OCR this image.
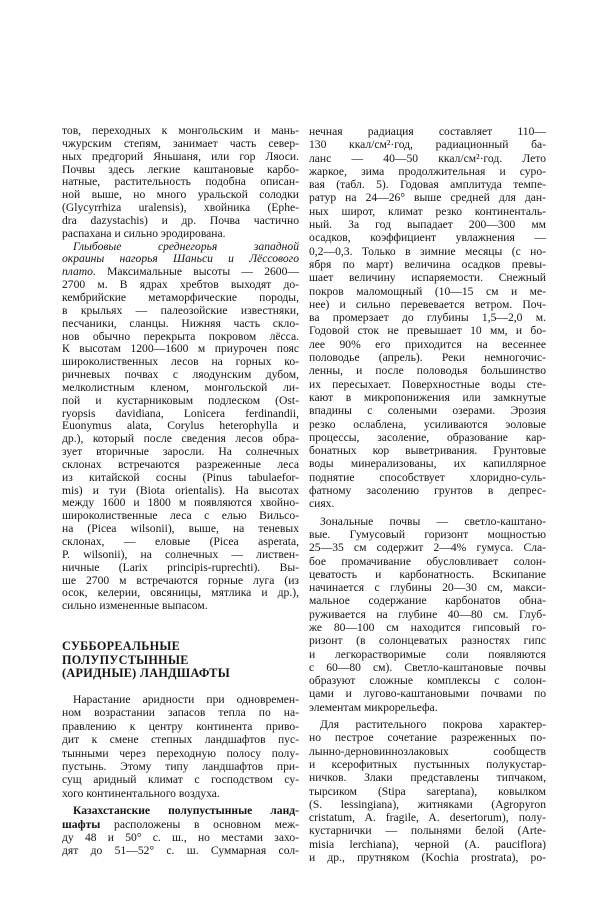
тов, переходных к монгольским и мань-
чжурским степям, занимает часть север-
ных предгорий Яньшаня, или гор Ляоси.
Почвы здесь легкие каштановые карбо-
натные, растительность подобна описан-
ной выше, но много уральской солодки
(Glycyrrhiza uralensis), хвойника (Ephe-
dra dazystachis) и др. Почва частично
распахана и сильно эродирована.
Глыбовые среднегорья западной
окраины нагорья Шаньси и Лёссового
плато. Максимальные высоты — 2600—
2700 м. В ядрах хребтов выходят до-
кембрийские метаморфические породы,
в крыльях — палеозойские известняки,
песчаники, сланцы. Нижняя часть скло-
нов обычно перекрыта покровом лёсса.
К высотам 1200—1600 м приурочен пояс
широколиственных лесов на горных ко-
ричневых почвах с ляодунским дубом,
мелколистным кленом, монгольской ли-
пой и кустарниковым подлеском (Ost-
ryopsis davidiana, Lonicera ferdinandii,
Euonymus alata, Corylus heterophylla и
др.), который после сведения лесов обра-
зует вторичные заросли. На солнечных
склонах встречаются разреженные леса
из китайской сосны (Pinus tabulaefor-
mis) и туи (Biota orientalis). На высотах
между 1600 и 1800 м появляются хвойно-
широколиственные леса с елью Вильсо-
на (Picea wilsonii), выше, на теневых
склонах, — еловые (Picea asperata,
P. wilsonii), на солнечных — листвен-
ничные (Larix principis-ruprechti). Вы-
ше 2700 м встречаются горные луга (из
осок, келерии, овсяницы, мятлика и др.),
сильно измененные выпасом.
СУББОРЕАЛЬНЫЕ
ПОЛУПУСТЫННЫЕ
(АРИДНЫЕ) ЛАНДШАФТЫ
Нарастание аридности при одновремен-
ном возрастании запасов тепла по на-
правлению к центру континента приво-
дит к смене степных ландшафтов пус-
тынными через переходную полосу полу-
пустынь. Этому типу ландшафтов при-
сущ аридный климат с господством су-
хого континентального воздуха.
Казахстанские полупустынные ланд-
шафты расположены в основном меж-
ду 48 и 50° с. ш., но местами захо-
дят до 51—52° с. ш. Суммарная сол-
нечная радиация составляет 110—
130 ккал/см²·год, радиационный ба-
ланс — 40—50 ккал/см²·год. Лето
жаркое, зима продолжительная и суро-
вая (табл. 5). Годовая амплитуда темпе-
ратур на 24—26° выше средней для дан-
ных широт, климат резко континенталь-
ный. За год выпадает 200—300 мм
осадков, коэффициент увлажнения —
0,2—0,3. Только в зимние месяцы (с но-
ября по март) величина осадков превы-
шает величину испаряемости. Снежный
покров маломощный (10—15 см и ме-
нее) и сильно перевевается ветром. Поч-
ва промерзает до глубины 1,5—2,0 м.
Годовой сток не превышает 10 мм, и бо-
лее 90% его приходится на весеннее
половодье (апрель). Реки немногочис-
ленны, и после половодья большинство
их пересыхает. Поверхностные воды сте-
кают в микропонижения или замкнутые
впадины с солеными озерами. Эрозия
резко ослаблена, усиливаются эоловые
процессы, засоление, образование кар-
бонатных кор выветривания. Грунтовые
воды минерализованы, их капиллярное
поднятие способствует хлоридно-суль-
фатному засолению грунтов в депрес-
сиях.
Зональные почвы — светло-каштано-
вые. Гумусовый горизонт мощностью
25—35 см содержит 2—4% гумуса. Сла-
бое промачивание обусловливает солон-
цеватость и карбонатность. Вскипание
начинается с глубины 20—30 см, макси-
мальное содержание карбонатов обна-
руживается на глубине 40—80 см. Глуб-
же 80—100 см находится гипсовый го-
ризонт (в солонцеватых разностях гипс
и легкорастворимые соли появляются
с 60—80 см). Светло-каштановые почвы
образуют сложные комплексы с солон-
цами и лугово-каштановыми почвами по
элементам микрорельефа.
Для растительного покрова характер-
но пестрое сочетание разреженных по-
лынно-дерновиннозлаковых сообществ
и ксерофитных пустынных полукустар-
ничков. Злаки представлены типчаком,
тырсиком (Stipa sareptana), ковылком
(S. lessingiana), житняками (Agropyron
cristatum, A. fragile, A. desertorum), полу-
кустарнички — полынями белой (Arte-
misia lerchiana), черной (A. pauciflora)
и др., прутняком (Kochia prostrata), ро-
